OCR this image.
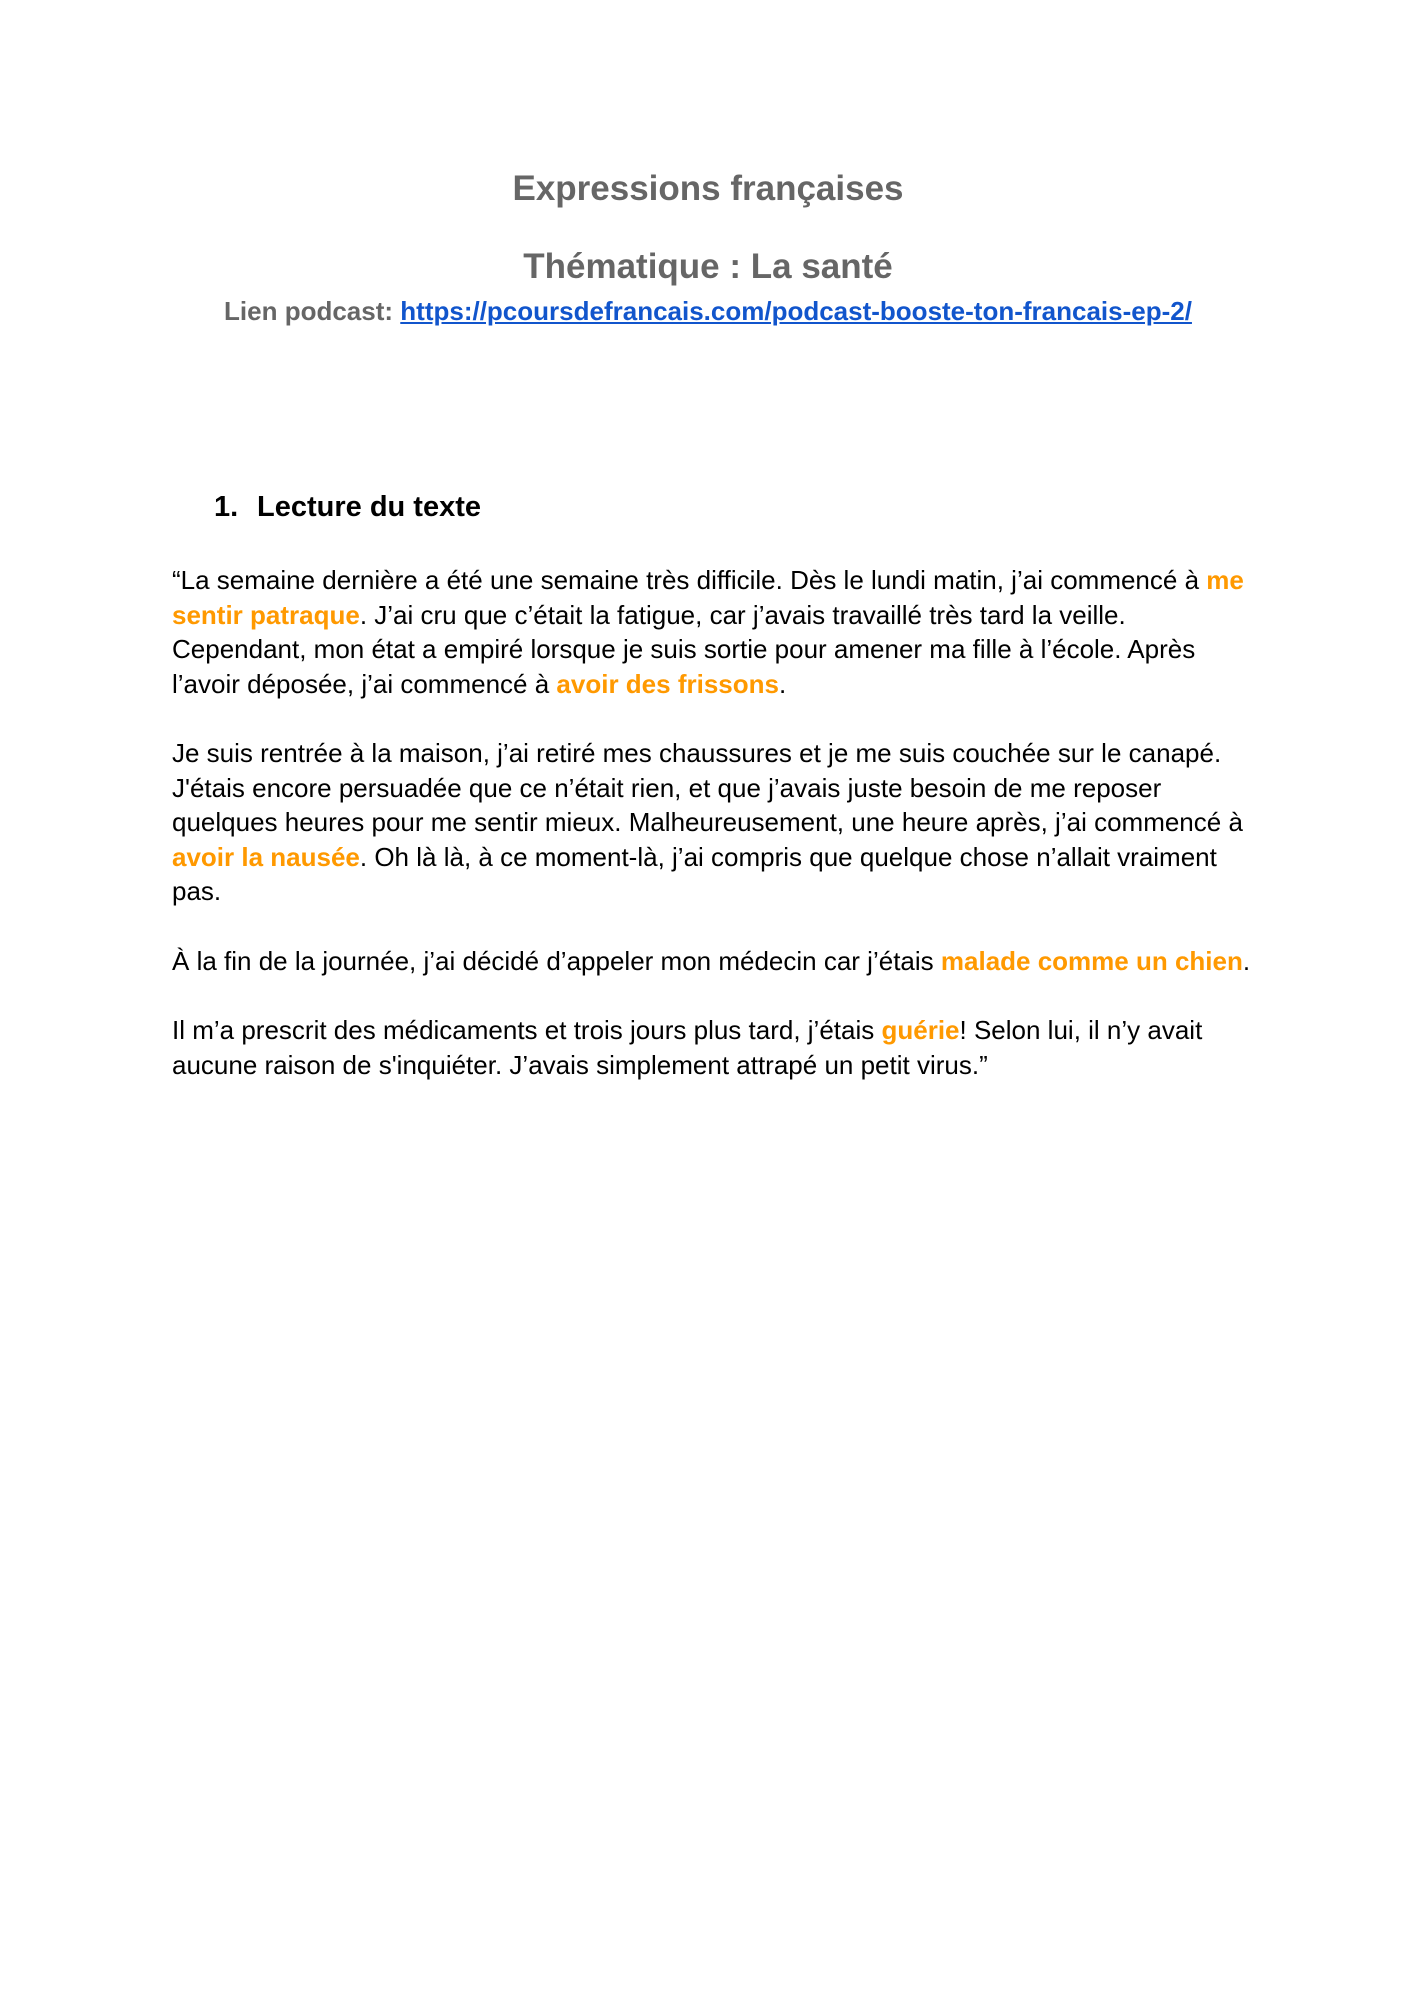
Expressions françaises
Thématique : La santé
Lien podcast: https://pcoursdefrancais.com/podcast-booste-ton-francais-ep-2/
1. Lecture du texte

“La semaine dernière a été une semaine très difficile. Dès le lundi matin, j’ai commencé à me sentir patraque. J’ai cru que c’était la fatigue, car j’avais travaillé très tard la veille. Cependant, mon état a empiré lorsque je suis sortie pour amener ma fille à l’école. Après l’avoir déposée, j’ai commencé à avoir des frissons.

Je suis rentrée à la maison, j’ai retiré mes chaussures et je me suis couchée sur le canapé. J'étais encore persuadée que ce n’était rien, et que j’avais juste besoin de me reposer quelques heures pour me sentir mieux. Malheureusement, une heure après, j’ai commencé à avoir la nausée. Oh là là, à ce moment-là, j’ai compris que quelque chose n’allait vraiment pas.

À la fin de la journée, j’ai décidé d’appeler mon médecin car j’étais malade comme un chien.

Il m’a prescrit des médicaments et trois jours plus tard, j’étais guérie! Selon lui, il n’y avait aucune raison de s'inquiéter. J’avais simplement attrapé un petit virus.”
